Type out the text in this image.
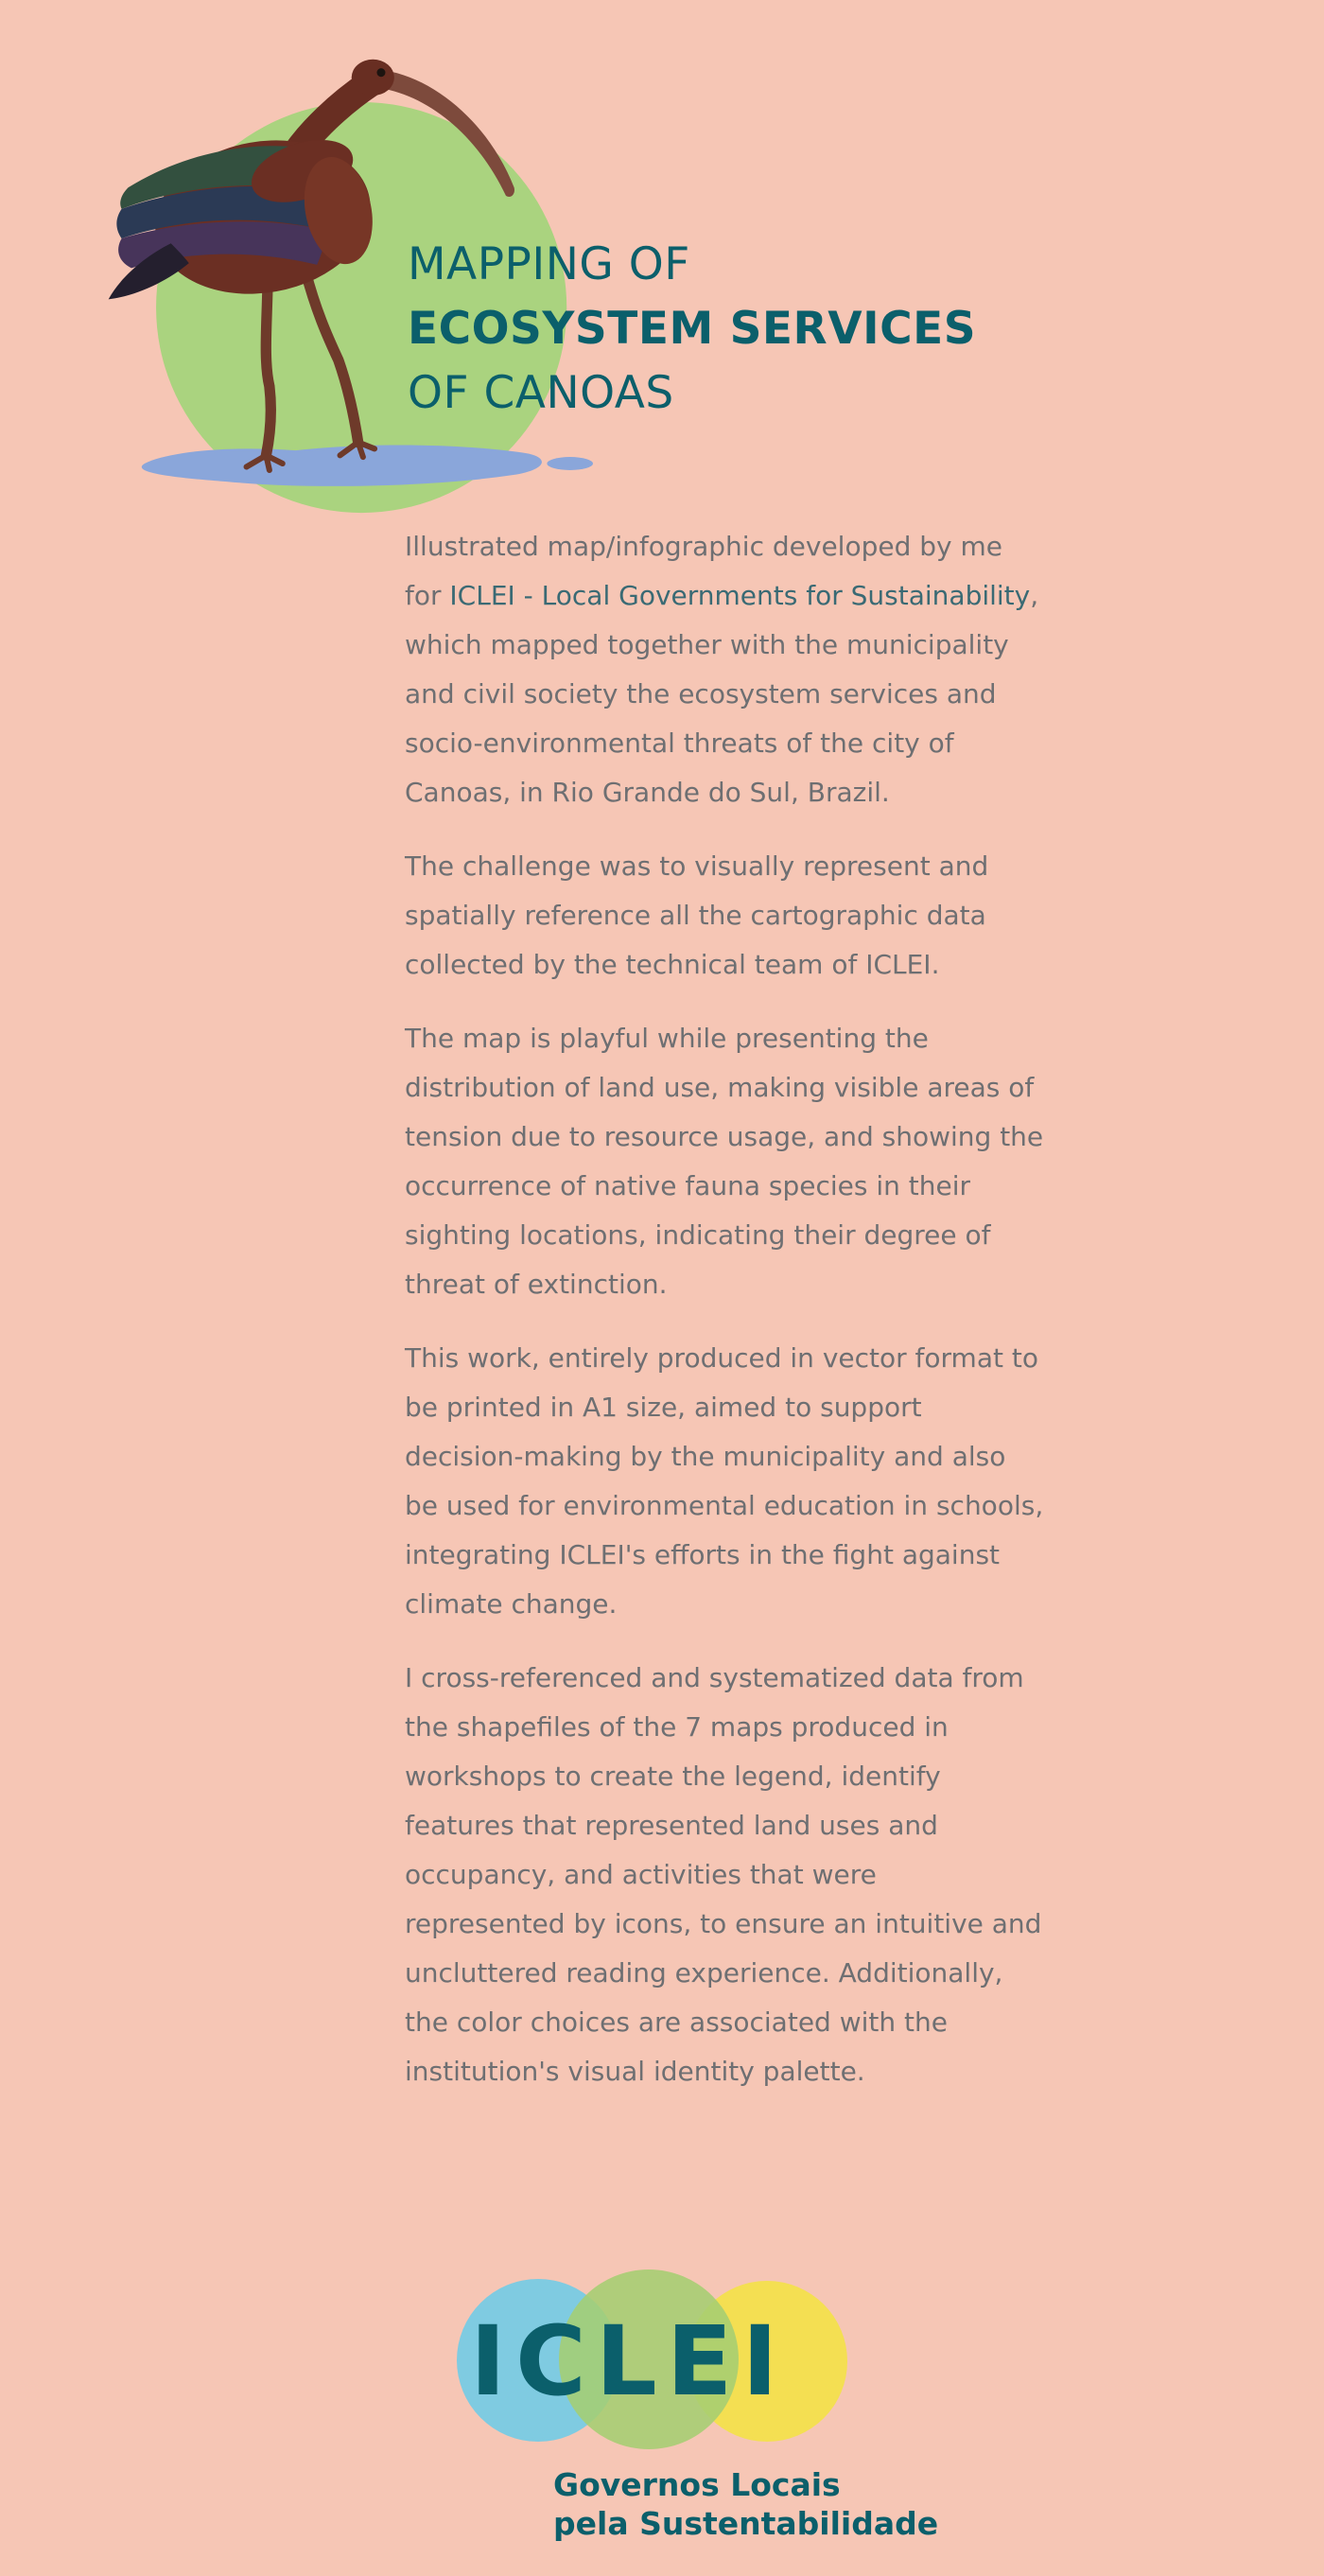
MAPPING OF
ECOSYSTEM SERVICES
OF CANOAS

Illustrated map/infographic developed by me for ICLEI - Local Governments for Sustainability, which mapped together with the municipality and civil society the ecosystem services and socio-environmental threats of the city of Canoas, in Rio Grande do Sul, Brazil.

The challenge was to visually represent and spatially reference all the cartographic data collected by the technical team of ICLEI.

The map is playful while presenting the distribution of land use, making visible areas of tension due to resource usage, and showing the occurrence of native fauna species in their sighting locations, indicating their degree of threat of extinction.

This work, entirely produced in vector format to be printed in A1 size, aimed to support decision-making by the municipality and also be used for environmental education in schools, integrating ICLEI's efforts in the fight against climate change.

I cross-referenced and systematized data from the shapefiles of the 7 maps produced in workshops to create the legend, identify features that represented land uses and occupancy, and activities that were represented by icons, to ensure an intuitive and uncluttered reading experience. Additionally, the color choices are associated with the institution's visual identity palette.

ICLEI
Governos Locais
pela Sustentabilidade
